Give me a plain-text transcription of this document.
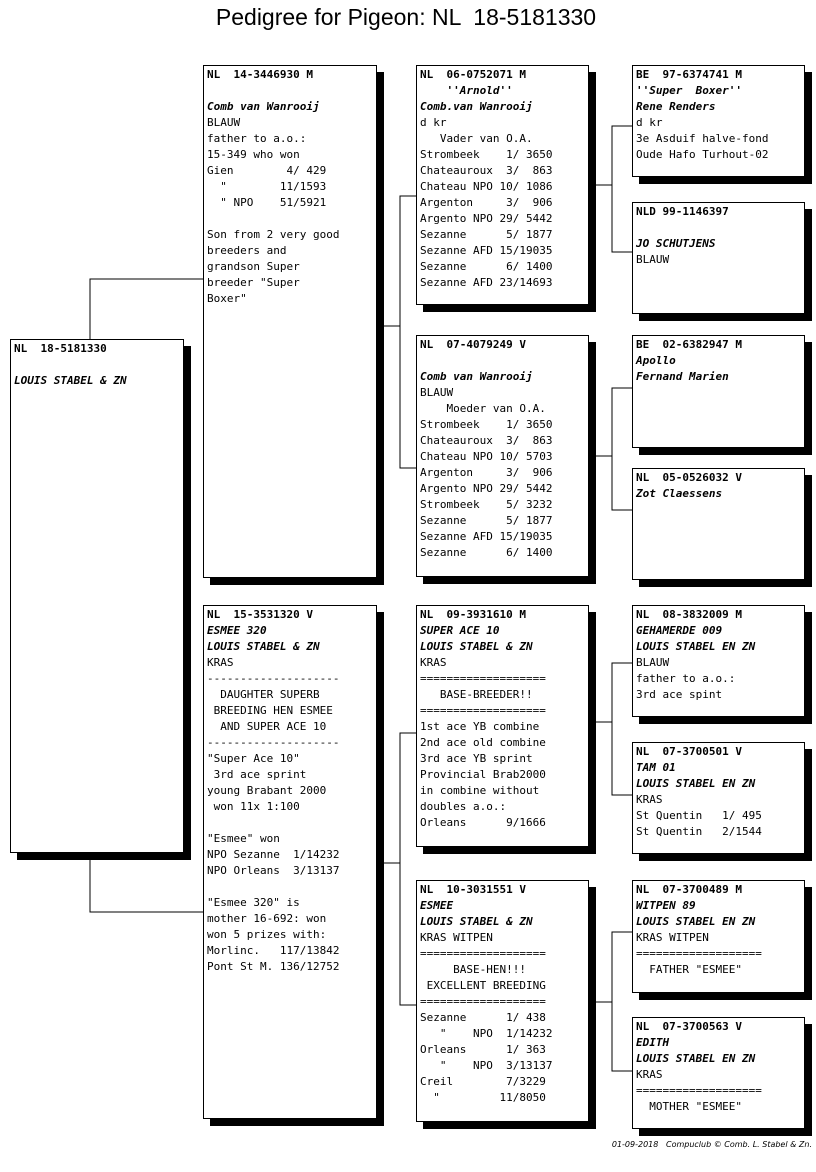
Pedigree for Pigeon: NL  18-5181330
NL  18-5181330
LOUIS STABEL & ZN
NL  14-3446930 M
Comb van Wanrooij
BLAUW
father to a.o.:
15-349 who won
Gien        4/ 429
"        11/1593
" NPO    51/5921
Son from 2 very good
breeders and
grandson Super
breeder "Super
Boxer"
NL  15-3531320 V
ESMEE 320
LOUIS STABEL & ZN
KRAS
--------------------
DAUGHTER SUPERB
BREEDING HEN ESMEE
AND SUPER ACE 10
--------------------
"Super Ace 10"
3rd ace sprint
young Brabant 2000
won 11x 1:100
"Esmee" won
NPO Sezanne  1/14232
NPO Orleans  3/13137
"Esmee 320" is
mother 16-692: won
won 5 prizes with:
Morlinc.   117/13842
Pont St M. 136/12752
NL  06-0752071 M
''Arnold''
Comb.van Wanrooij
d kr
Vader van O.A.
Strombeek    1/ 3650
Chateauroux  3/  863
Chateau NPO 10/ 1086
Argenton     3/  906
Argento NPO 29/ 5442
Sezanne      5/ 1877
Sezanne AFD 15/19035
Sezanne      6/ 1400
Sezanne AFD 23/14693
NL  07-4079249 V
Comb van Wanrooij
BLAUW
Moeder van O.A.
Strombeek    1/ 3650
Chateauroux  3/  863
Chateau NPO 10/ 5703
Argenton     3/  906
Argento NPO 29/ 5442
Strombeek    5/ 3232
Sezanne      5/ 1877
Sezanne AFD 15/19035
Sezanne      6/ 1400
NL  09-3931610 M
SUPER ACE 10
LOUIS STABEL & ZN
KRAS
===================
BASE-BREEDER!!
===================
1st ace YB combine
2nd ace old combine
3rd ace YB sprint
Provincial Brab2000
in combine without
doubles a.o.:
Orleans      9/1666
NL  10-3031551 V
ESMEE
LOUIS STABEL & ZN
KRAS WITPEN
===================
BASE-HEN!!!
EXCELLENT BREEDING
===================
Sezanne      1/ 438
"    NPO  1/14232
Orleans      1/ 363
"    NPO  3/13137
Creil        7/3229
"         11/8050
BE  97-6374741 M
''Super  Boxer''
Rene Renders
d kr
3e Asduif halve-fond
Oude Hafo Turhout-02
NLD 99-1146397
JO SCHUTJENS
BLAUW
BE  02-6382947 M
Apollo
Fernand Marien
NL  05-0526032 V
Zot Claessens
NL  08-3832009 M
GEHAMERDE 009
LOUIS STABEL EN ZN
BLAUW
father to a.o.:
3rd ace spint
NL  07-3700501 V
TAM 01
LOUIS STABEL EN ZN
KRAS
St Quentin   1/ 495
St Quentin   2/1544
NL  07-3700489 M
WITPEN 89
LOUIS STABEL EN ZN
KRAS WITPEN
===================
FATHER "ESMEE"
NL  07-3700563 V
EDITH
LOUIS STABEL EN ZN
KRAS
===================
MOTHER "ESMEE"
01-09-2018   Compuclub © Comb. L. Stabel & Zn.
